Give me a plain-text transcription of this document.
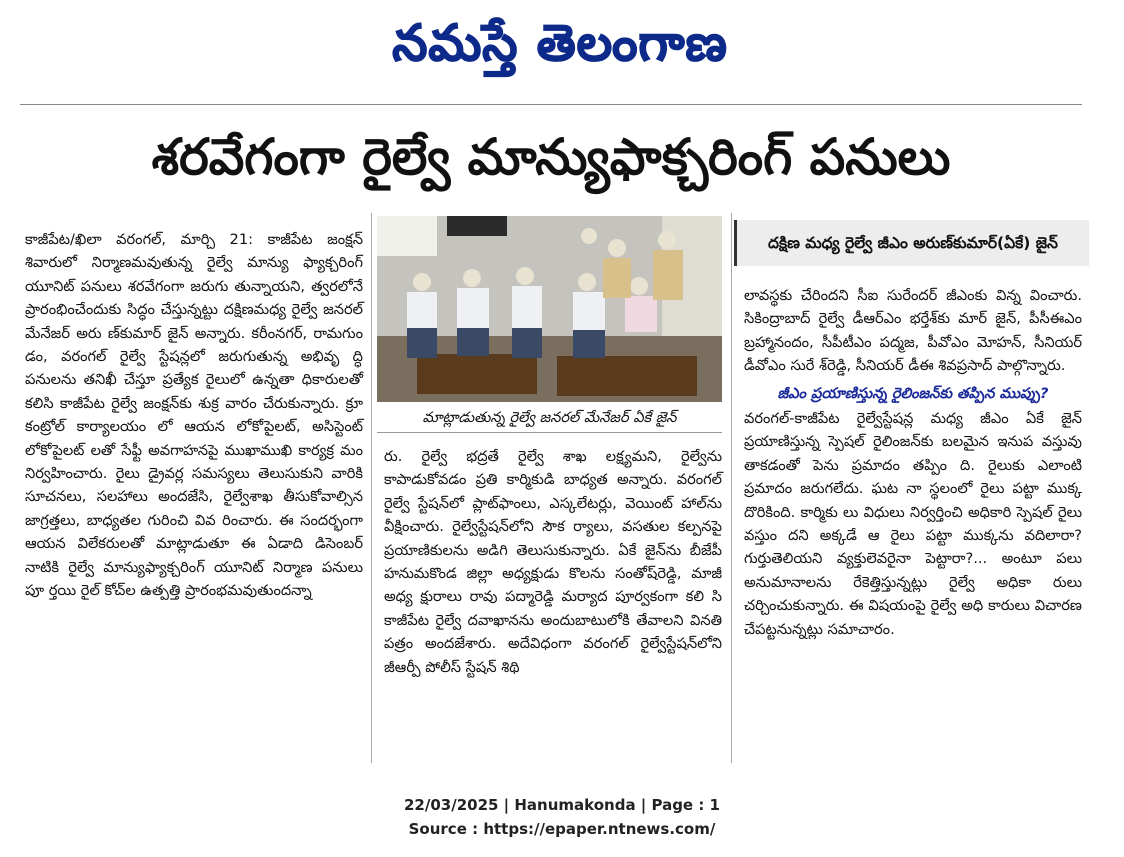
నమస్తే తెలంగాణ
శరవేగంగా రైల్వే మాన్యుఫాక్చరింగ్ పనులు

కాజీపేట/ఖిలా వరంగల్, మార్చి 21: కాజీపేట జంక్షన్ శివారులో నిర్మాణమవుతున్న రైల్వే మాన్యు ఫ్యాక్చరింగ్ యూనిట్ పనులు శరవేగంగా జరుగు తున్నాయని, త్వరలోనే ప్రారంభించేందుకు సిద్ధం చేస్తున్నట్టు దక్షిణమధ్య రైల్వే జనరల్ మేనేజర్ అరు ణ్‌కుమార్ జైన్ అన్నారు. కరీంనగర్, రామగుం డం, వరంగల్ రైల్వే స్టేషన్లలో జరుగుతున్న అభివృ ద్ధి పనులను తనిఖీ చేస్తూ ప్రత్యేక రైలులో ఉన్నతా ధికారులతో కలిసి కాజీపేట రైల్వే జంక్షన్‌కు శుక్ర వారం చేరుకున్నారు. క్రూ కంట్రోల్ కార్యాలయం లో ఆయన లోకోపైలట్, అసిస్టెంట్ లోకోపైలట్ లతో సేఫ్టీ అవగాహనపై ముఖాముఖి కార్యక్ర మం నిర్వహించారు. రైలు డ్రైవర్ల సమస్యలు తెలుసుకుని వారికి సూచనలు, సలహాలు అందజేసి, రైల్వేశాఖ తీసుకోవాల్సిన జాగ్రత్తలు, బాధ్యతల గురించి వివ రించారు. ఈ సందర్భంగా ఆయన విలేకరులతో మాట్లాడుతూ ఈ ఏడాది డిసెంబర్ నాటికి రైల్వే మాన్యుఫ్యాక్చరింగ్ యూనిట్ నిర్మాణ పనులు పూ ర్తయి రైల్ కోచ్‌ల ఉత్పత్తి ప్రారంభమవుతుందన్నా

మాట్లాడుతున్న రైల్వే జనరల్ మేనేజర్ ఏకే జైన్

రు. రైల్వే భద్రతే రైల్వే శాఖ లక్ష్యమని, రైల్వేను కాపాడుకోవడం ప్రతి కార్మికుడి బాధ్యత అన్నారు. వరంగల్ రైల్వే స్టేషన్‌లో ప్లాట్‌ఫాంలు, ఎస్కలేటర్లు, వెయింట్ హాల్‌ను వీక్షించారు. రైల్వేస్టేషన్‌లోని సౌక ర్యాలు, వసతుల కల్పనపై ప్రయాణికులను అడిగి తెలుసుకున్నారు. ఏకే జైన్‌ను బీజేపీ హనుమకొండ జిల్లా అధ్యక్షుడు కొలను సంతోష్‌రెడ్డి, మాజీ అధ్య క్షురాలు రావు పద్మారెడ్డి మర్యాద పూర్వకంగా కలి సి కాజీపేట రైల్వే దవాఖానను అందుబాటులోకి తేవాలని వినతి పత్రం అందజేశారు. అదేవిధంగా వరంగల్ రైల్వేస్టేషన్‌లోని జీఆర్పీ పోలీస్ స్టేషన్ శిథి

దక్షిణ మధ్య రైల్వే జీఎం అరుణ్‌కుమార్(ఏకే) జైన్

లావస్థకు చేరిందని సీఐ సురేందర్ జీఎంకు విన్న వించారు. సికింద్రాబాద్ రైల్వే డీఆర్‌ఎం భర్తేశ్‌కు మార్ జైన్, పీసీఈఎం బ్రహ్మానందం, సీపీటీఎం పద్మజ, పీవోఎం మోహన్, సీనియర్ డీవోఎం సురే శ్‌రెడ్డి, సీనియర్ డీఈ శివప్రసాద్ పాల్గొన్నారు.

జీఎం ప్రయాణిస్తున్న రైలింజన్‌కు తప్పిన ముప్పు?

వరంగల్-కాజీపేట రైల్వేస్టేషన్ల మధ్య జీఎం ఏకే జైన్ ప్రయాణిస్తున్న స్పెషల్ రైలింజన్‌కు బలమైన ఇనుప వస్తువు తాకడంతో పెను ప్రమాదం తప్పిం ది. రైలుకు ఎలాంటి ప్రమాదం జరుగలేదు. ఘట నా స్థలంలో రైలు పట్టా ముక్క దొరికింది. కార్మికు లు విధులు నిర్వర్తించి అధికారి స్పెషల్ రైలు వస్తుం దని అక్కడే ఆ రైలు పట్టా ముక్కను వదిలారా? గుర్తుతెలియని వ్యక్తులెవరైనా పెట్టారా?... అంటూ పలు అనుమానాలను రేకెత్తిస్తున్నట్లు రైల్వే అధికా రులు చర్చించుకున్నారు. ఈ విషయంపై రైల్వే అధి కారులు విచారణ చేపట్టనున్నట్లు సమాచారం.

22/03/2025 | Hanumakonda | Page : 1
Source : https://epaper.ntnews.com/
